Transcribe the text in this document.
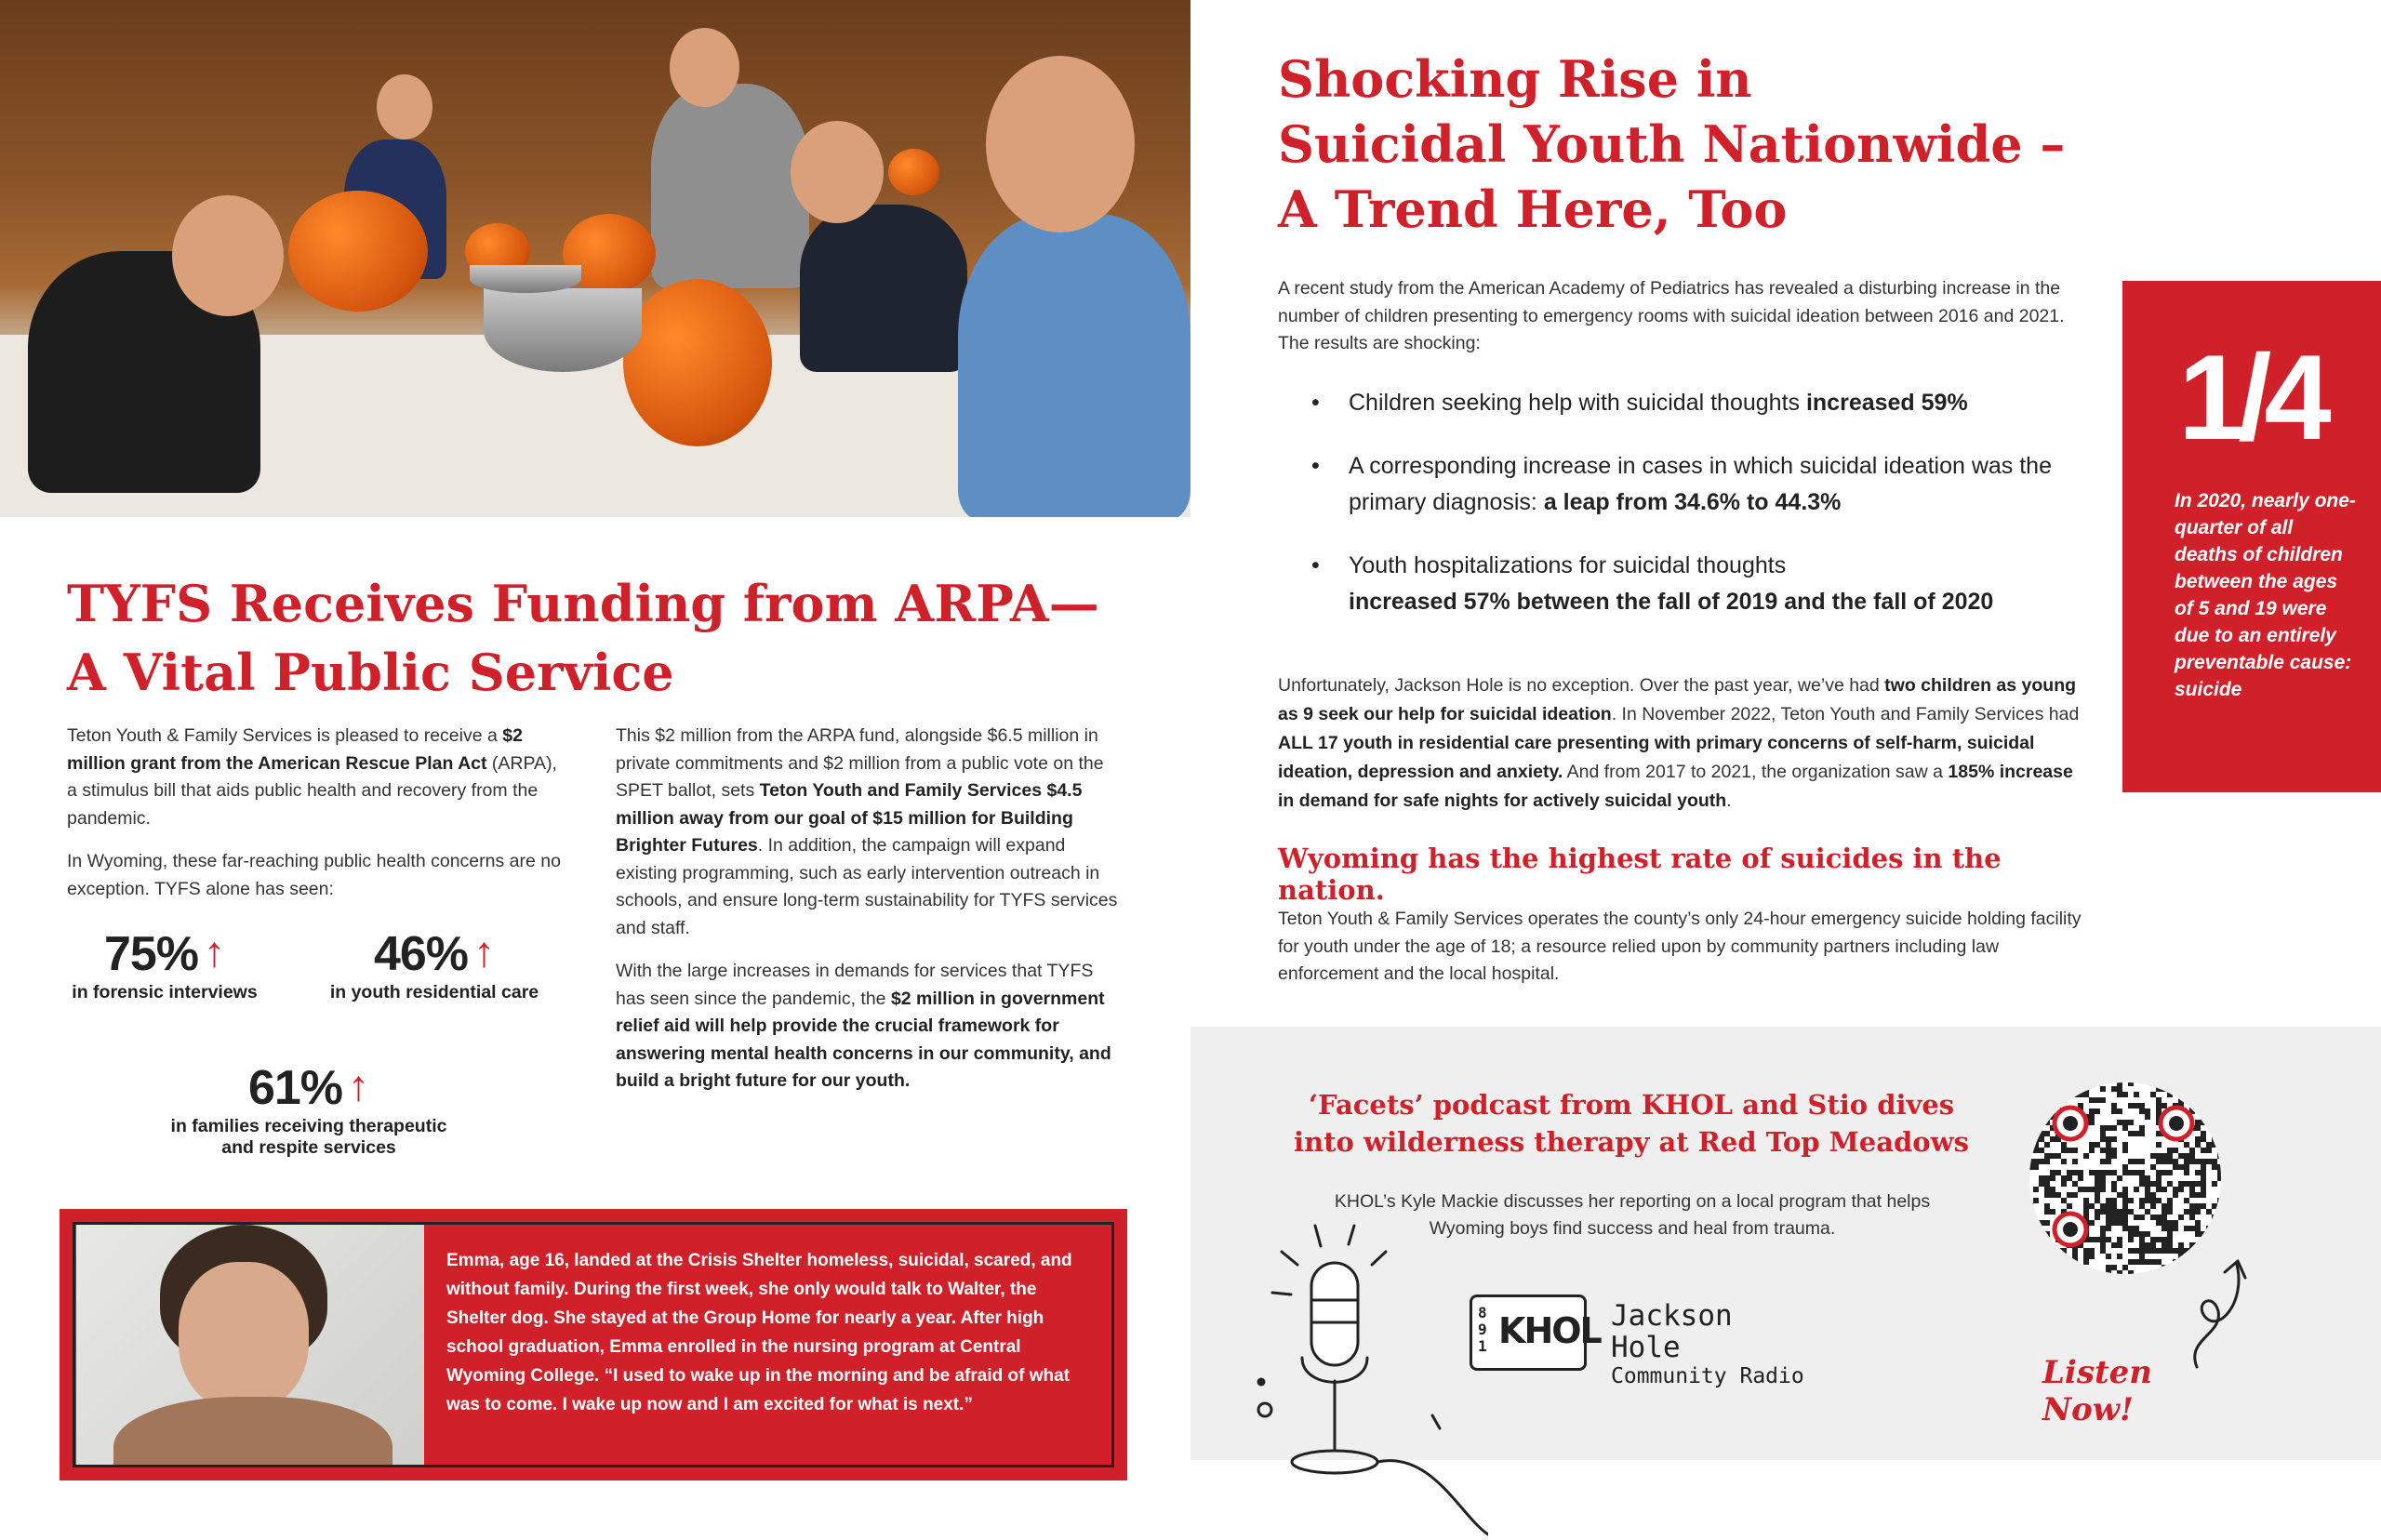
TYFS Receives Funding from ARPA—
A Vital Public Service

Teton Youth & Family Services is pleased to receive a $2 million grant from the American Rescue Plan Act (ARPA), a stimulus bill that aids public health and recovery from the pandemic.

In Wyoming, these far-reaching public health concerns are no exception. TYFS alone has seen:

75% ↑
in forensic interviews
46% ↑
in youth residential care
61% ↑
in families receiving therapeutic
and respite services

This $2 million from the ARPA fund, alongside $6.5 million in private commitments and $2 million from a public vote on the SPET ballot, sets Teton Youth and Family Services $4.5 million away from our goal of $15 million for Building Brighter Futures. In addition, the campaign will expand existing programming, such as early intervention outreach in schools, and ensure long-term sustainability for TYFS services and staff.

With the large increases in demands for services that TYFS has seen since the pandemic, the $2 million in government relief aid will help provide the crucial framework for answering mental health concerns in our community, and build a bright future for our youth.

Emma, age 16, landed at the Crisis Shelter homeless, suicidal, scared, and without family. During the first week, she only would talk to Walter, the Shelter dog. She stayed at the Group Home for nearly a year. After high school graduation, Emma enrolled in the nursing program at Central Wyoming College. “I used to wake up in the morning and be afraid of what was to come. I wake up now and I am excited for what is next.”
Shocking Rise in
Suicidal Youth Nationwide –
A Trend Here, Too
A recent study from the American Academy of Pediatrics has revealed a disturbing increase in the number of children presenting to emergency rooms with suicidal ideation between 2016 and 2021. The results are shocking:
• Children seeking help with suicidal thoughts increased 59%
• A corresponding increase in cases in which suicidal ideation was the primary diagnosis: a leap from 34.6% to 44.3%
• Youth hospitalizations for suicidal thoughts
increased 57% between the fall of 2019 and the fall of 2020
Unfortunately, Jackson Hole is no exception. Over the past year, we’ve had two children as young as 9 seek our help for suicidal ideation. In November 2022, Teton Youth and Family Services had ALL 17 youth in residential care presenting with primary concerns of self-harm, suicidal ideation, depression and anxiety. And from 2017 to 2021, the organization saw a 185% increase in demand for safe nights for actively suicidal youth.
Wyoming has the highest rate of suicides in the nation.
Teton Youth & Family Services operates the county’s only 24-hour emergency suicide holding facility for youth under the age of 18; a resource relied upon by community partners including law enforcement and the local hospital.
1/4
In 2020, nearly one-quarter of all deaths of children between the ages of 5 and 19 were due to an entirely preventable cause: suicide
‘Facets’ podcast from KHOL and Stio dives
into wilderness therapy at Red Top Meadows
KHOL’s Kyle Mackie discusses her reporting on a local program that helps Wyoming boys find success and heal from trauma.
891 KHOL Jackson Hole
Community Radio	Listen Now!
